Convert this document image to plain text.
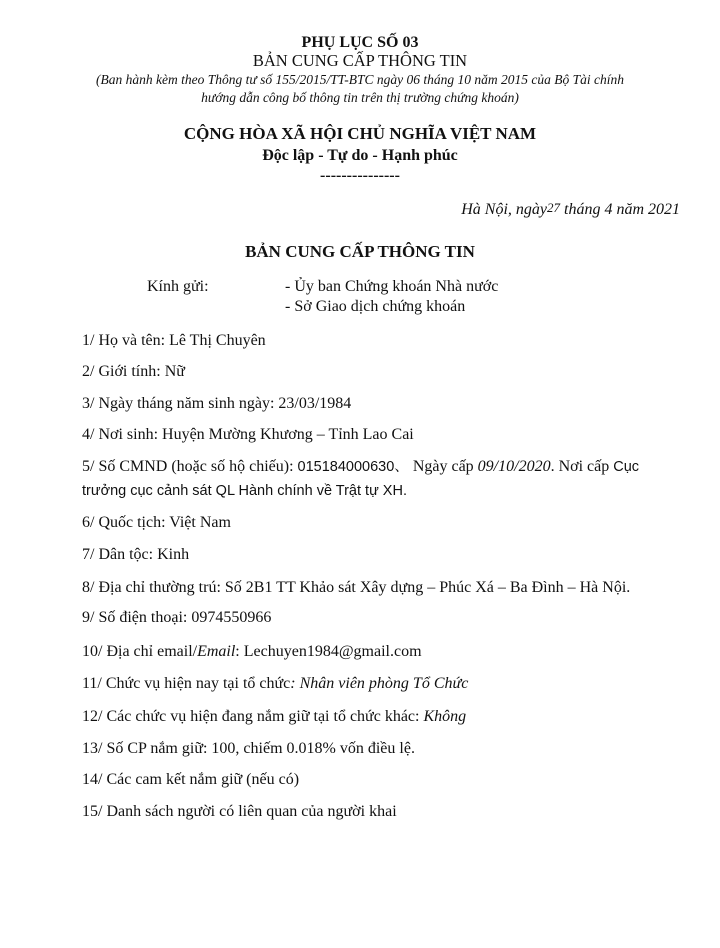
PHỤ LỤC SỐ 03
BẢN CUNG CẤP THÔNG TIN
(Ban hành kèm theo Thông tư số 155/2015/TT-BTC ngày 06 tháng 10 năm 2015 của Bộ Tài chính
hướng dẫn công bố thông tin trên thị trường chứng khoán)
CỘNG HÒA XÃ HỘI CHỦ NGHĨA VIỆT NAM
Độc lập - Tự do - Hạnh phúc
---------------
Hà Nội, ngày27 tháng 4 năm 2021
BẢN CUNG CẤP THÔNG TIN
Kính gửi:	- Ủy ban Chứng khoán Nhà nước
- Sở Giao dịch chứng khoán
1/ Họ và tên: Lê Thị Chuyên
2/ Giới tính: Nữ
3/ Ngày tháng năm sinh ngày: 23/03/1984
4/ Nơi sinh: Huyện Mường Khương – Tỉnh Lao Cai
5/ Số CMND (hoặc số hộ chiếu): 015184000630、 Ngày cấp 09/10/2020. Nơi cấp Cục
trưởng cục cảnh sát QL Hành chính về Trật tự XH.
6/ Quốc tịch: Việt Nam
7/ Dân tộc: Kinh
8/ Địa chỉ thường trú: Số 2B1 TT Khảo sát Xây dựng – Phúc Xá – Ba Đình – Hà Nội.
9/ Số điện thoại: 0974550966
10/ Địa chỉ email/Email: Lechuyen1984@gmail.com
11/ Chức vụ hiện nay tại tổ chức: Nhân viên phòng Tổ Chức
12/ Các chức vụ hiện đang nắm giữ tại tổ chức khác: Không
13/ Số CP nắm giữ: 100, chiếm 0.018% vốn điều lệ.
14/ Các cam kết nắm giữ (nếu có)
15/ Danh sách người có liên quan của người khai
